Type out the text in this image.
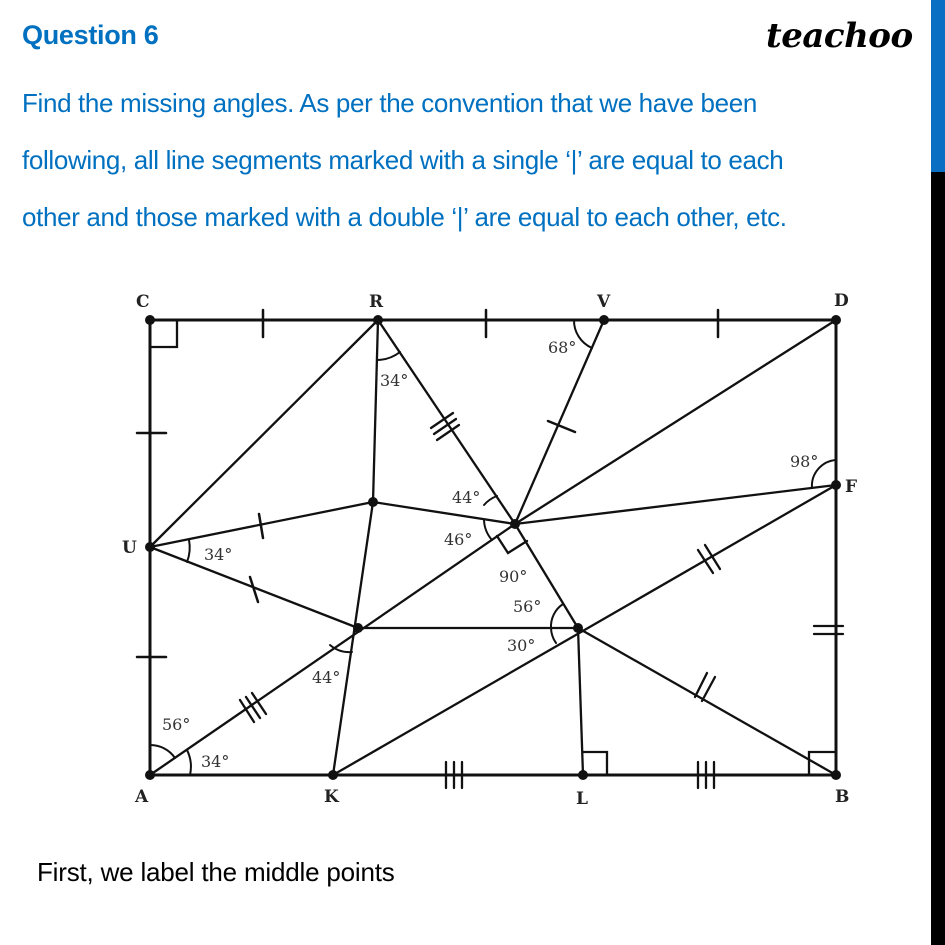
Question 6	teachoo
Find the missing angles. As per the convention that we have been
following, all line segments marked with a single ‘|’ are equal to each
other and those marked with a double ‘|’ are equal to each other, etc.
C	R	V	D
U
F
A	K	L	B
34°
68°
98°
44°
46°
90°
34°
56°
30°
44°
56°
34°
First, we label the middle points
